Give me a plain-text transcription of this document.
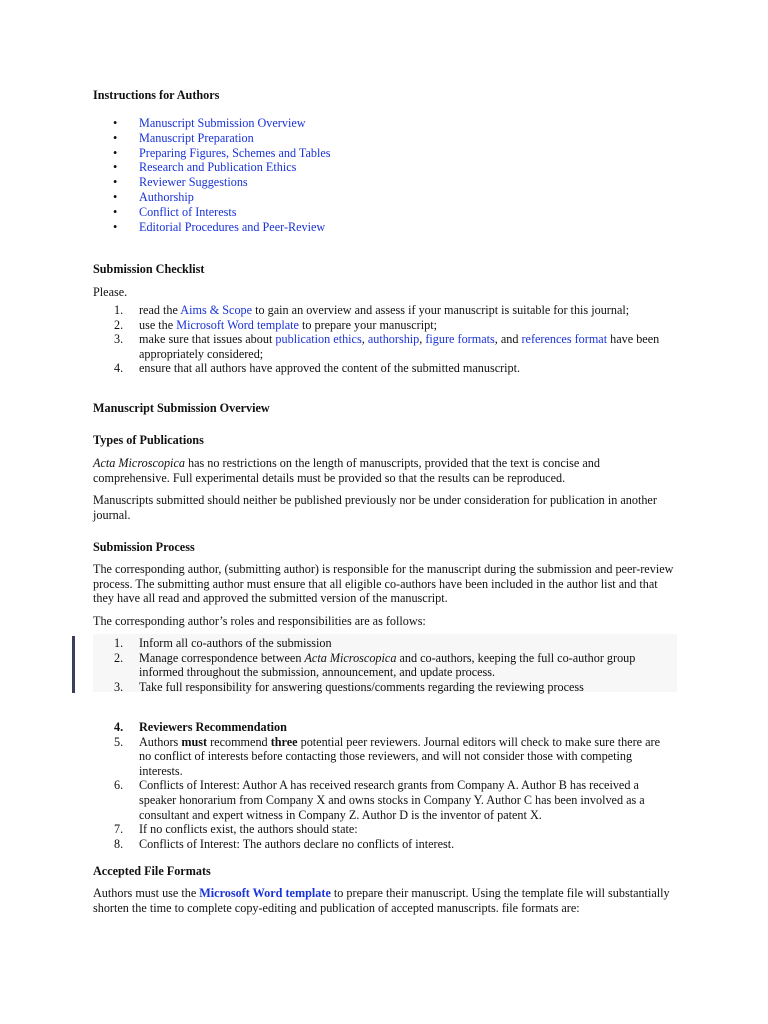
Instructions for Authors
• Manuscript Submission Overview
• Manuscript Preparation
• Preparing Figures, Schemes and Tables
• Research and Publication Ethics
• Reviewer Suggestions
• Authorship
• Conflict of Interests
• Editorial Procedures and Peer-Review
Submission Checklist

Please.

1. read the Aims & Scope to gain an overview and assess if your manuscript is suitable for this journal;
2. use the Microsoft Word template to prepare your manuscript;
3. make sure that issues about publication ethics, authorship, figure formats, and references format have been appropriately considered;
4. ensure that all authors have approved the content of the submitted manuscript.
Manuscript Submission Overview
Types of Publications

Acta Microscopica has no restrictions on the length of manuscripts, provided that the text is concise and comprehensive. Full experimental details must be provided so that the results can be reproduced.

Manuscripts submitted should neither be published previously nor be under consideration for publication in another journal.

Submission Process

The corresponding author, (submitting author) is responsible for the manuscript during the submission and peer-review process. The submitting author must ensure that all eligible co-authors have been included in the author list and that they have all read and approved the submitted version of the manuscript.

The corresponding author’s roles and responsibilities are as follows:

1. Inform all co-authors of the submission
2. Manage correspondence between Acta Microscopica and co-authors, keeping the full co-author group informed throughout the submission, announcement, and update process.
3. Take full responsibility for answering questions/comments regarding the reviewing process
4. Reviewers Recommendation
5. Authors must recommend three potential peer reviewers. Journal editors will check to make sure there are no conflict of interests before contacting those reviewers, and will not consider those with competing interests.
6. Conflicts of Interest: Author A has received research grants from Company A. Author B has received a speaker honorarium from Company X and owns stocks in Company Y. Author C has been involved as a consultant and expert witness in Company Z. Author D is the inventor of patent X.
7. If no conflicts exist, the authors should state:
8. Conflicts of Interest: The authors declare no conflicts of interest.
Accepted File Formats

Authors must use the Microsoft Word template to prepare their manuscript. Using the template file will substantially shorten the time to complete copy-editing and publication of accepted manuscripts. file formats are:
